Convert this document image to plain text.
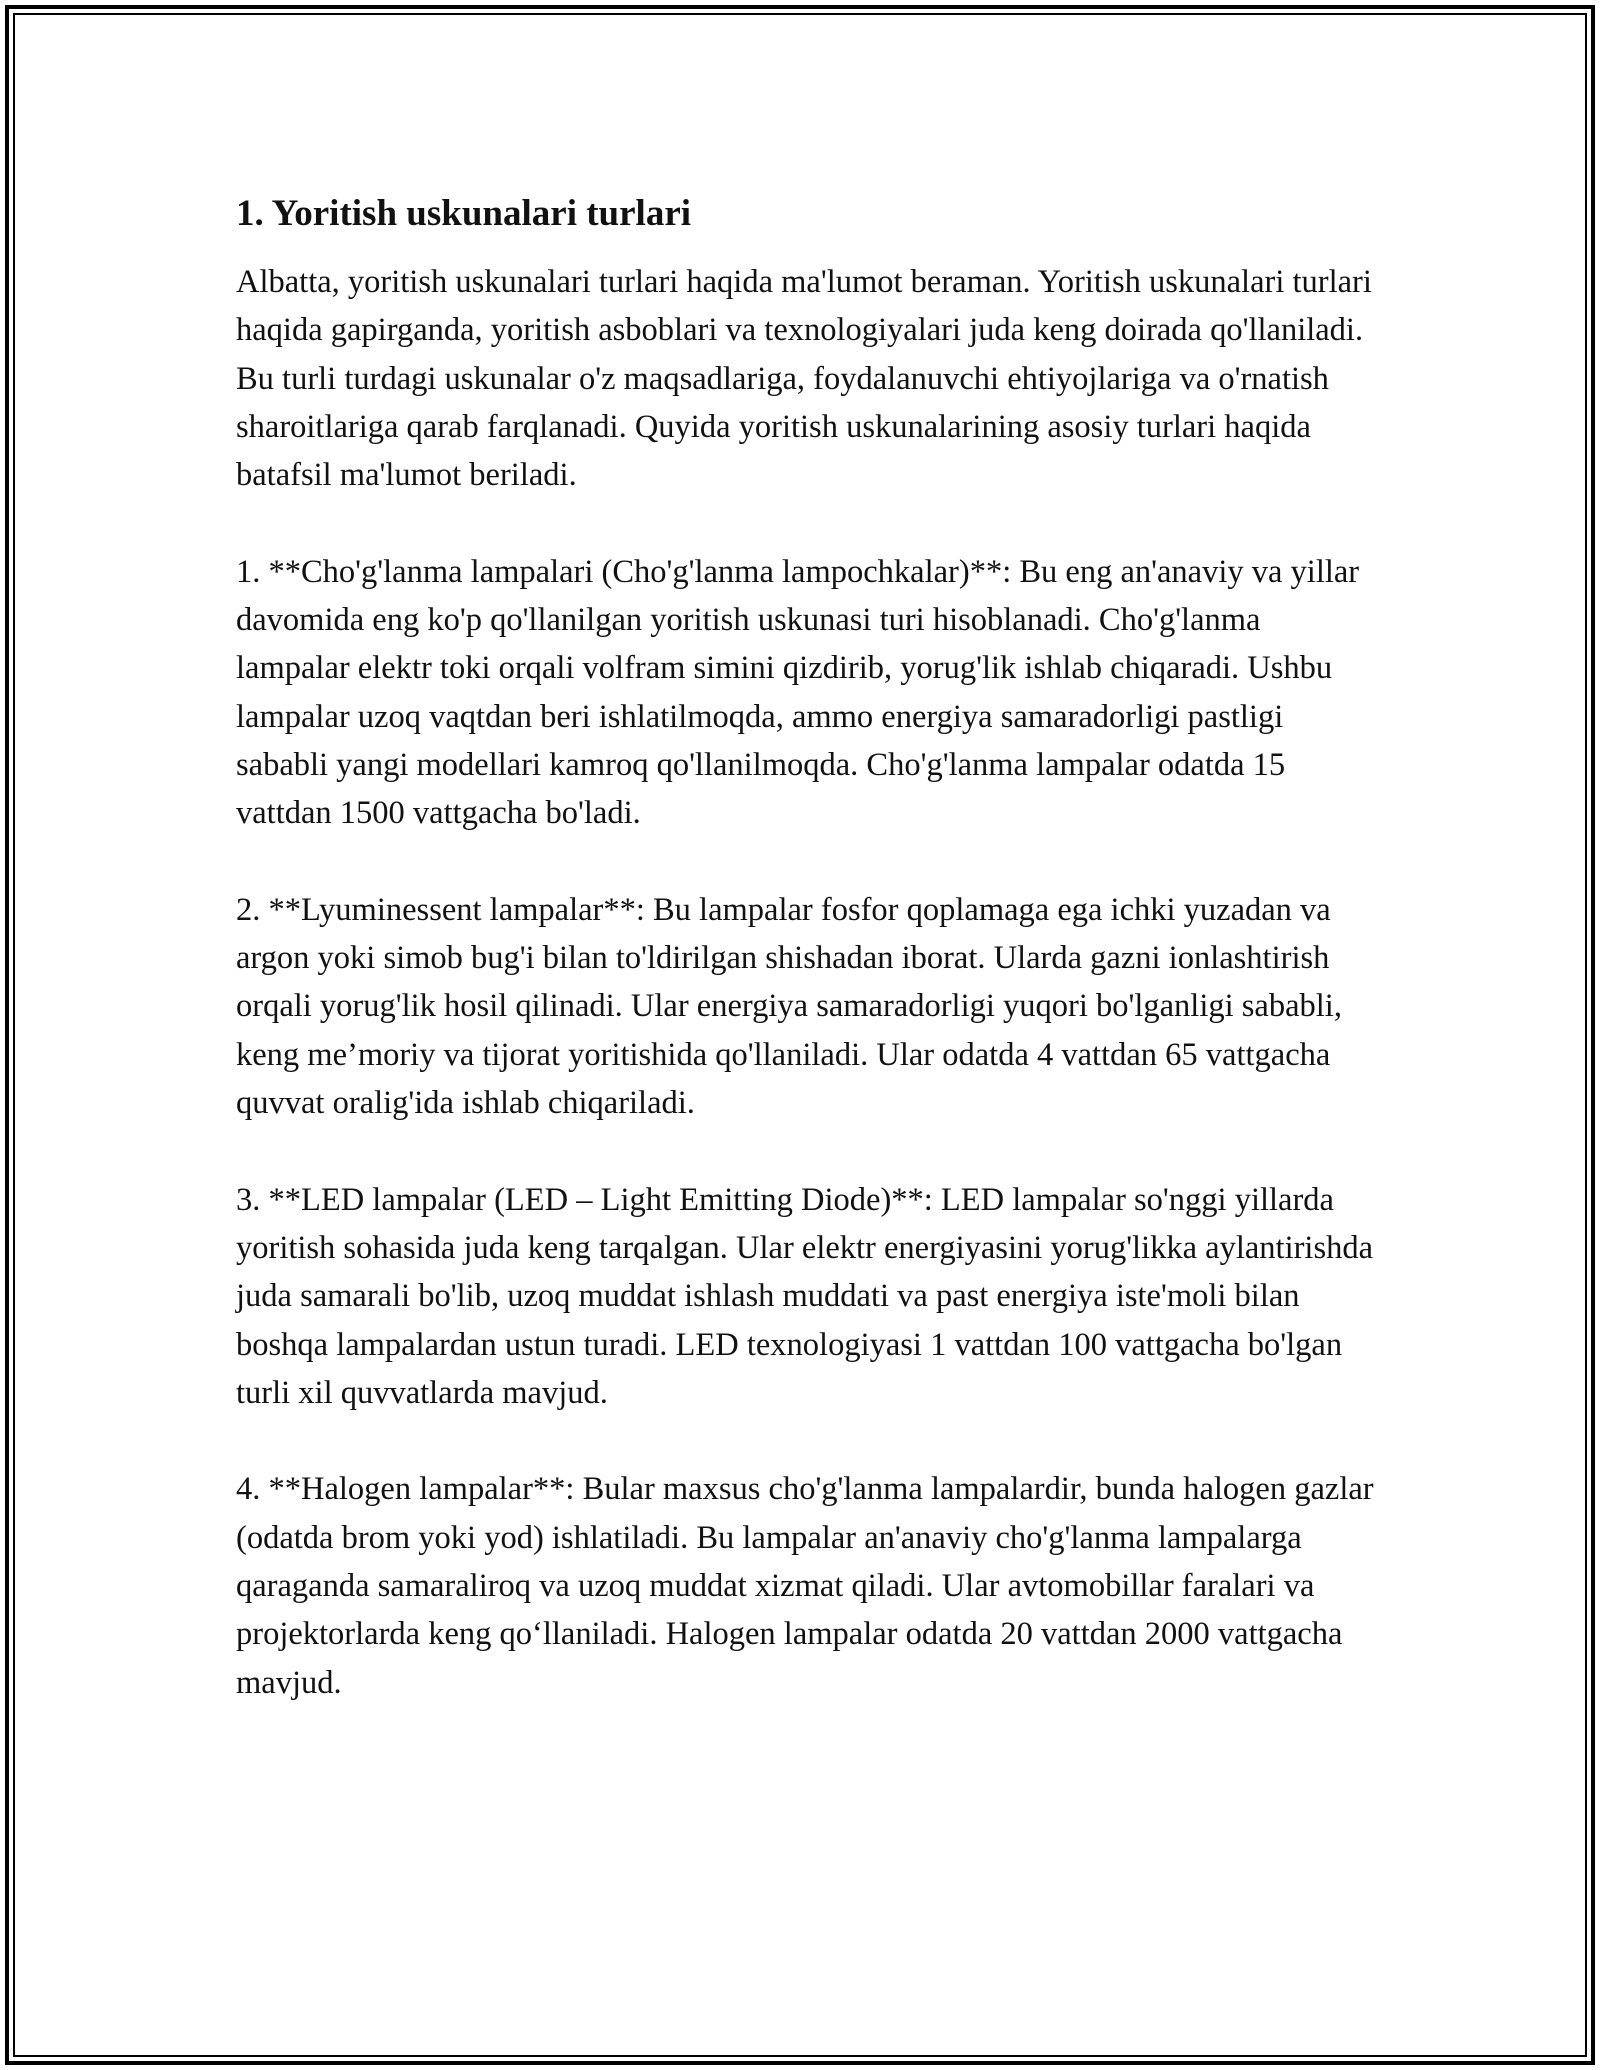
1. Yoritish uskunalari turlari

Albatta, yoritish uskunalari turlari haqida ma'lumot beraman. Yoritish uskunalari turlari haqida gapirganda, yoritish asboblari va texnologiyalari juda keng doirada qo'llaniladi. Bu turli turdagi uskunalar o'z maqsadlariga, foydalanuvchi ehtiyojlariga va o'rnatish sharoitlariga qarab farqlanadi. Quyida yoritish uskunalarining asosiy turlari haqida batafsil ma'lumot beriladi.

1. **Cho'g'lanma lampalari (Cho'g'lanma lampochkalar)**: Bu eng an'anaviy va yillar davomida eng ko'p qo'llanilgan yoritish uskunasi turi hisoblanadi. Cho'g'lanma lampalar elektr toki orqali volfram simini qizdirib, yorug'lik ishlab chiqaradi. Ushbu lampalar uzoq vaqtdan beri ishlatilmoqda, ammo energiya samaradorligi pastligi sababli yangi modellari kamroq qo'llanilmoqda. Cho'g'lanma lampalar odatda 15 vattdan 1500 vattgacha bo'ladi.

2. **Lyuminessent lampalar**: Bu lampalar fosfor qoplamaga ega ichki yuzadan va argon yoki simob bug'i bilan to'ldirilgan shishadan iborat. Ularda gazni ionlashtirish orqali yorug'lik hosil qilinadi. Ular energiya samaradorligi yuqori bo'lganligi sababli, keng me’moriy va tijorat yoritishida qo'llaniladi. Ular odatda 4 vattdan 65 vattgacha quvvat oralig'ida ishlab chiqariladi.

3. **LED lampalar (LED – Light Emitting Diode)**: LED lampalar so'nggi yillarda yoritish sohasida juda keng tarqalgan. Ular elektr energiyasini yorug'likka aylantirishda juda samarali bo'lib, uzoq muddat ishlash muddati va past energiya iste'moli bilan boshqa lampalardan ustun turadi. LED texnologiyasi 1 vattdan 100 vattgacha bo'lgan turli xil quvvatlarda mavjud.

4. **Halogen lampalar**: Bular maxsus cho'g'lanma lampalardir, bunda halogen gazlar (odatda brom yoki yod) ishlatiladi. Bu lampalar an'anaviy cho'g'lanma lampalarga qaraganda samaraliroq va uzoq muddat xizmat qiladi. Ular avtomobillar faralari va projektorlarda keng qo‘llaniladi. Halogen lampalar odatda 20 vattdan 2000 vattgacha mavjud.
